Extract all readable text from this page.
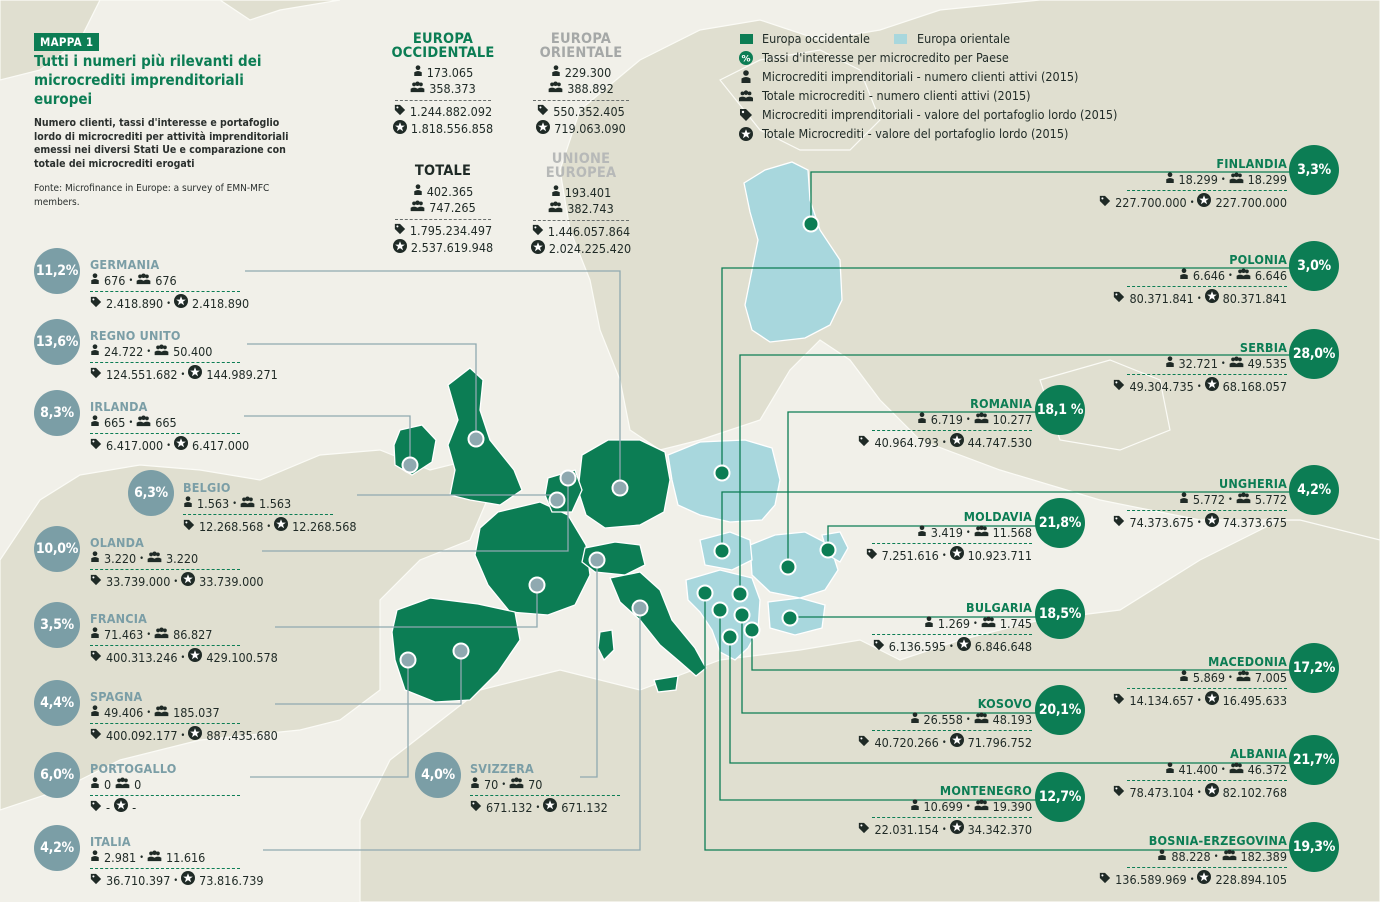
MAPPA 1
Tutti i numeri più rilevanti dei microcrediti imprenditoriali europei
Numero clienti, tassi d'interesse e portafoglio lordo di microcrediti per attività imprenditoriali emessi nei diversi Stati Ue e comparazione con totale dei microcrediti erogati
Fonte: Microfinance in Europe: a survey of EMN-MFC members.
EUROPA
OCCIDENTALE
173.065
358.373
1.244.882.092
1.818.556.858
EUROPA
ORIENTALE
229.300
388.892
550.352.405
719.063.090
TOTALE
402.365
747.265
1.795.234.497
2.537.619.948
UNIONE
EUROPEA
193.401
382.743
1.446.057.864
2.024.225.420
Europa occidentale	Europa orientale
% Tassi d'interesse per microcredito per Paese
Microcrediti imprenditoriali - numero clienti attivi (2015)
Totale microcrediti - numero clienti attivi (2015)
Microcrediti imprenditoriali - valore del portafoglio lordo (2015)
Totale Microcrediti - valore del portafoglio lordo (2015)
11,2% GERMANIA
676 • 676
2.418.890 • 2.418.890
13,6% REGNO UNITO
24.722 • 50.400
124.551.682 • 144.989.271
8,3%	IRLANDA
665 • 665
6.417.000 • 6.417.000
6,3%	BELGIO
1.563 • 1.563
12.268.568 • 12.268.568
10,0% OLANDA
3.220 • 3.220
33.739.000 • 33.739.000
3,5%	FRANCIA
71.463 • 86.827
400.313.246 • 429.100.578
4,4%	SPAGNA
49.406 • 185.037
400.092.177 • 887.435.680
6,0%	PORTOGALLO
0 0
- -
4,0%	SVIZZERA
70 • 70
671.132 • 671.132
4,2%	ITALIA
2.981 • 11.616
36.710.397 • 73.816.739
3,3%
FINLANDIA
18.299 • 18.299
227.700.000 • 227.700.000
3,0%
POLONIA
6.646 • 6.646
80.371.841 • 80.371.841
28,0%
SERBIA
32.721 • 49.535
49.304.735 • 68.168.057
18,1 %
ROMANIA
6.719 • 10.277
40.964.793 • 44.747.530
4,2%
UNGHERIA
5.772 • 5.772
74.373.675 • 74.373.675
21,8%
MOLDAVIA
3.419 • 11.568
7.251.616 • 10.923.711
18,5%
BULGARIA
1.269 • 1.745
6.136.595 • 6.846.648
17,2%
MACEDONIA
5.869 • 7.005
14.134.657 • 16.495.633
20,1%
KOSOVO
26.558 • 48.193
40.720.266 • 71.796.752
21,7%
ALBANIA
41.400 • 46.372
78.473.104 • 82.102.768
12,7%
MONTENEGRO
10.699 • 19.390
22.031.154 • 34.342.370
19,3%
BOSNIA-ERZEGOVINA
88.228 • 182.389
136.589.969 • 228.894.105
